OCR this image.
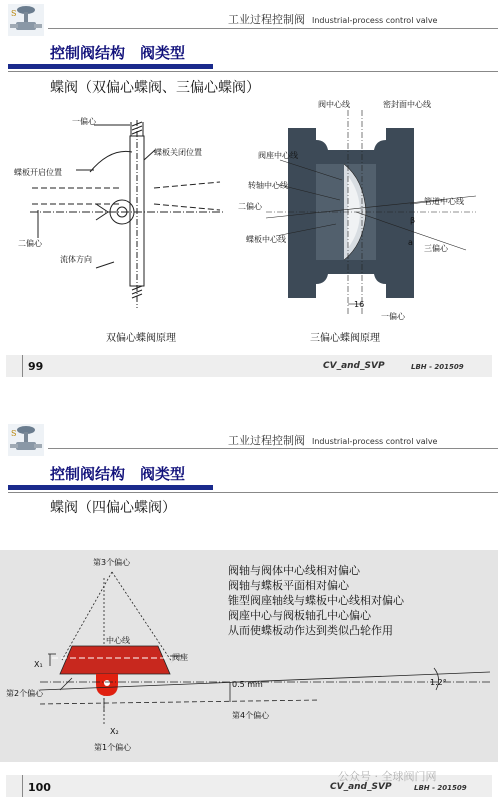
S	工业过程控制阀 Industrial-process control valve
控制阀结构　阀类型
蝶阀（双偏心蝶阀、三偏心蝶阀）
一偏心
蝶板关闭位置
蝶板开启位置
二偏心
流体方向
阀中心线	密封面中心线
阀座中心线
转轴中心线
二偏心
蝶板中心线
管道中心线
β
a
三偏心
16
一偏心
双偏心蝶阀原理	三偏心蝶阀原理
99	CV_and_SVP	LBH - 201509
S
工业过程控制阀 Industrial-process control valve
控制阀结构　阀类型
蝶阀（四偏心蝶阀）
第3个偏心
中心线
阀座
X₁
第2个偏心
X₂
第1个偏心
第4个偏心
0.5 mm	1.2°
阀轴与阀体中心线相对偏心
阀轴与蝶板平面相对偏心
锥型阀座轴线与蝶板中心线相对偏心
阀座中心与阀板轴孔中心偏心
从而使蝶板动作达到类似凸轮作用
100	CV_and_SVP	LBH - 201509
公众号 · 全球阀门网
